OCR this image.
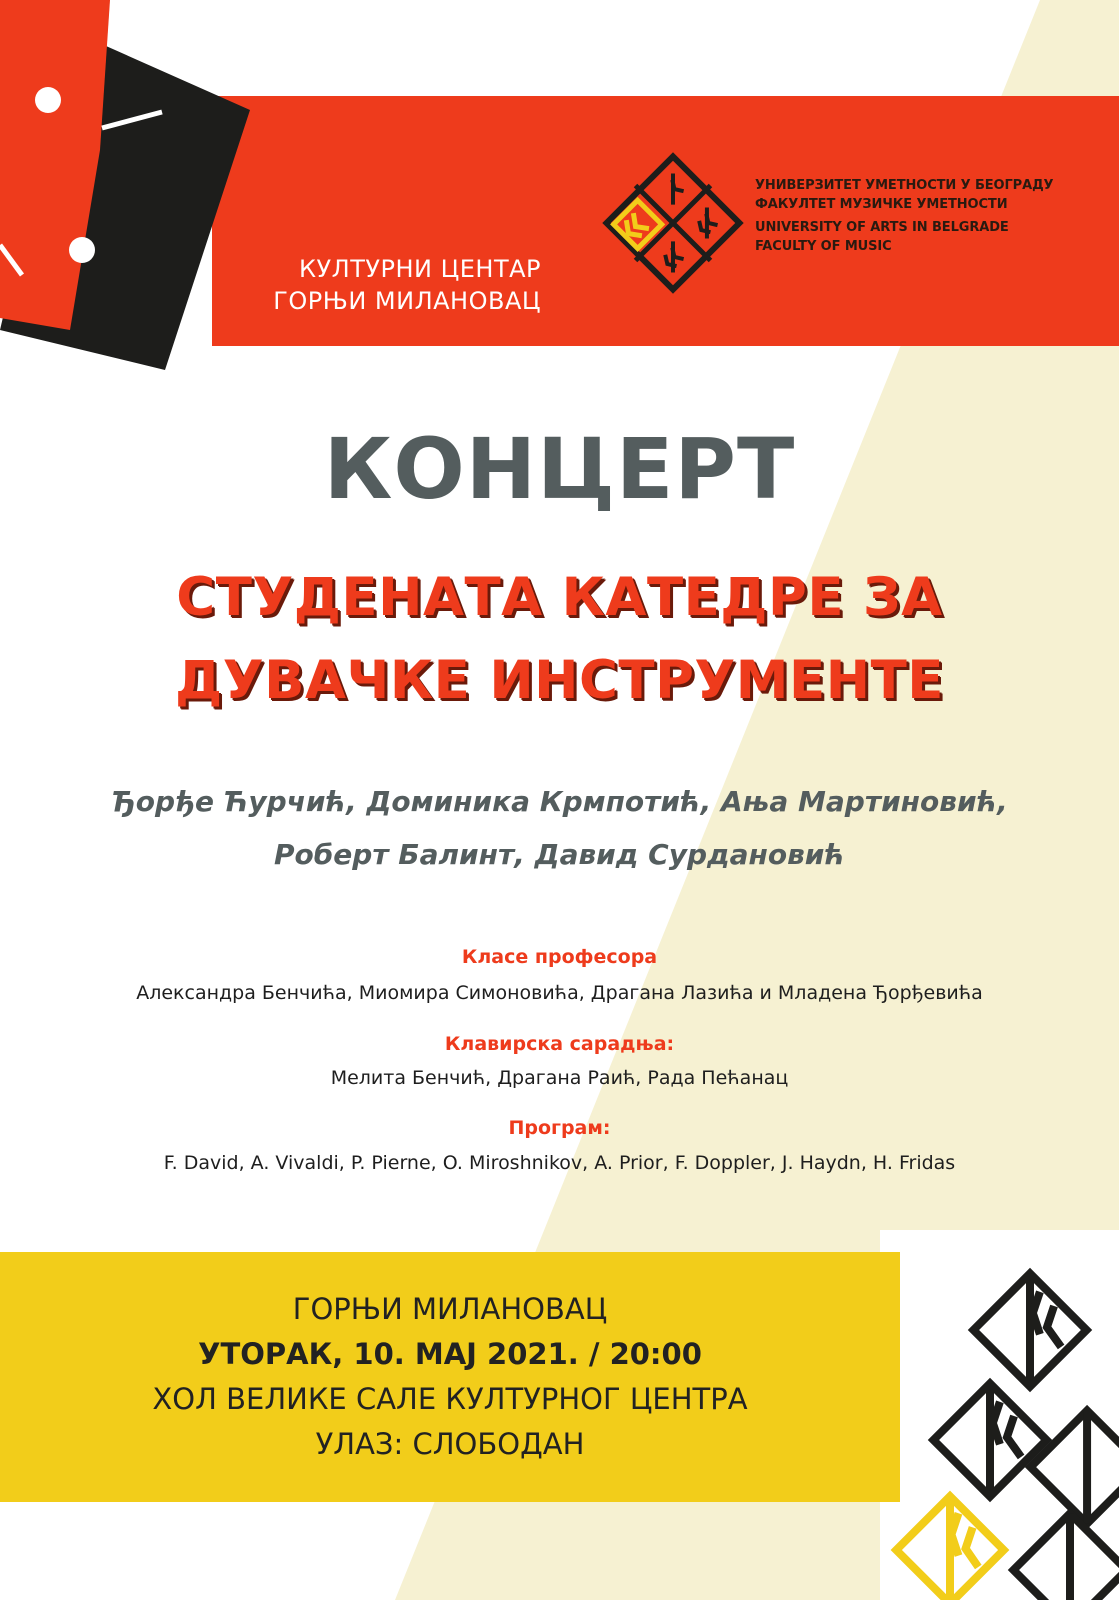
КУЛТУРНИ ЦЕНТАР
ГОРЊИ МИЛАНОВАЦ
УНИВЕРЗИТЕТ УМЕТНОСТИ У БЕОГРАДУ
ФАКУЛТЕТ МУЗИЧКЕ УМЕТНОСТИ
UNIVERSITY OF ARTS IN BELGRADE
FACULTY OF MUSIC
КОНЦЕРТ
СТУДЕНАТА КАТЕДРЕ ЗА
ДУВАЧКЕ ИНСТРУМЕНТЕ
Ђорђе Ћурчић, Доминика Крмпотић, Ања Мартиновић,
Роберт Балинт, Давид Сурдановић
Класе професора
Александра Бенчића, Миомира Симоновића, Драгана Лазића и Младена Ђорђевића
Клавирска сарадња:
Мелита Бенчић, Драгана Раић, Рада Пећанац
Програм:
F. David, A. Vivaldi, P. Pierne, O. Miroshnikov, A. Prior, F. Doppler, J. Haydn, H. Fridas
ГОРЊИ МИЛАНОВАЦ
УТОРАК, 10. МАЈ 2021. / 20:00
ХОЛ ВЕЛИКЕ САЛЕ КУЛТУРНОГ ЦЕНТРА
УЛАЗ: СЛОБОДАН
